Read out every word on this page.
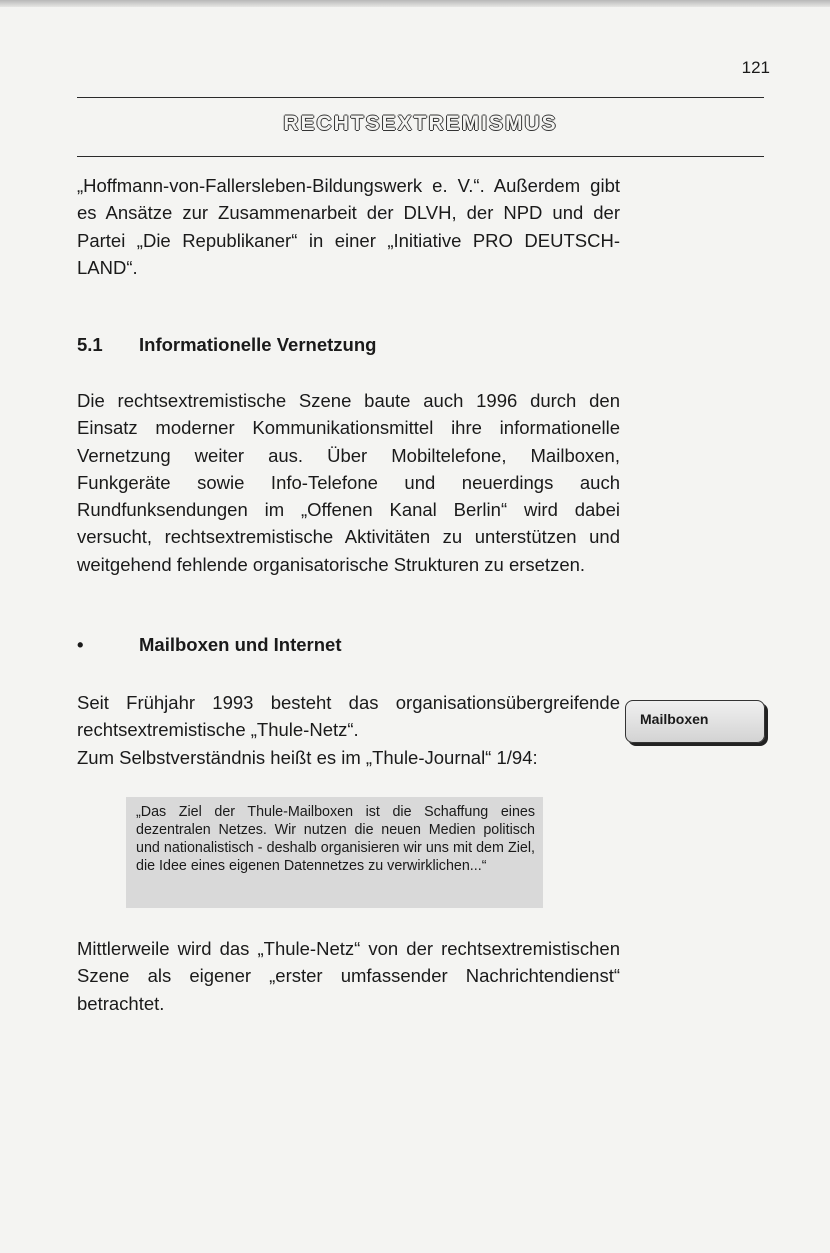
121
RECHTSEXTREMISMUS

„Hoffmann-von-Fallersleben-Bildungswerk e. V.“. Außerdem gibt es Ansätze zur Zusammenarbeit der DLVH, der NPD und der Partei „Die Republikaner“ in einer „Initiative PRO DEUTSCH-LAND“.

5.1 Informationelle Vernetzung

Die rechtsextremistische Szene baute auch 1996 durch den Einsatz moderner Kommunikationsmittel ihre informationelle Vernetzung weiter aus. Über Mobiltelefone, Mailboxen, Funkgeräte sowie Info-Telefone und neuerdings auch Rundfunksendungen im „Offenen Kanal Berlin“ wird dabei versucht, rechtsextremistische Aktivitäten zu unterstützen und weitgehend fehlende organisatorische Strukturen zu ersetzen.

•	Mailboxen und Internet
Seit Frühjahr 1993 besteht das organisationsübergreifende rechtsextremistische „Thule-Netz“.
Zum Selbstverständnis heißt es im „Thule-Journal“ 1/94:
Mailboxen

„Das Ziel der Thule-Mailboxen ist die Schaffung eines dezentralen Netzes. Wir nutzen die neuen Medien politisch und nationalistisch - deshalb organisieren wir uns mit dem Ziel, die Idee eines eigenen Datennetzes zu verwirklichen...“

Mittlerweile wird das „Thule-Netz“ von der rechtsextremistischen Szene als eigener „erster umfassender Nachrichtendienst“ betrachtet.
